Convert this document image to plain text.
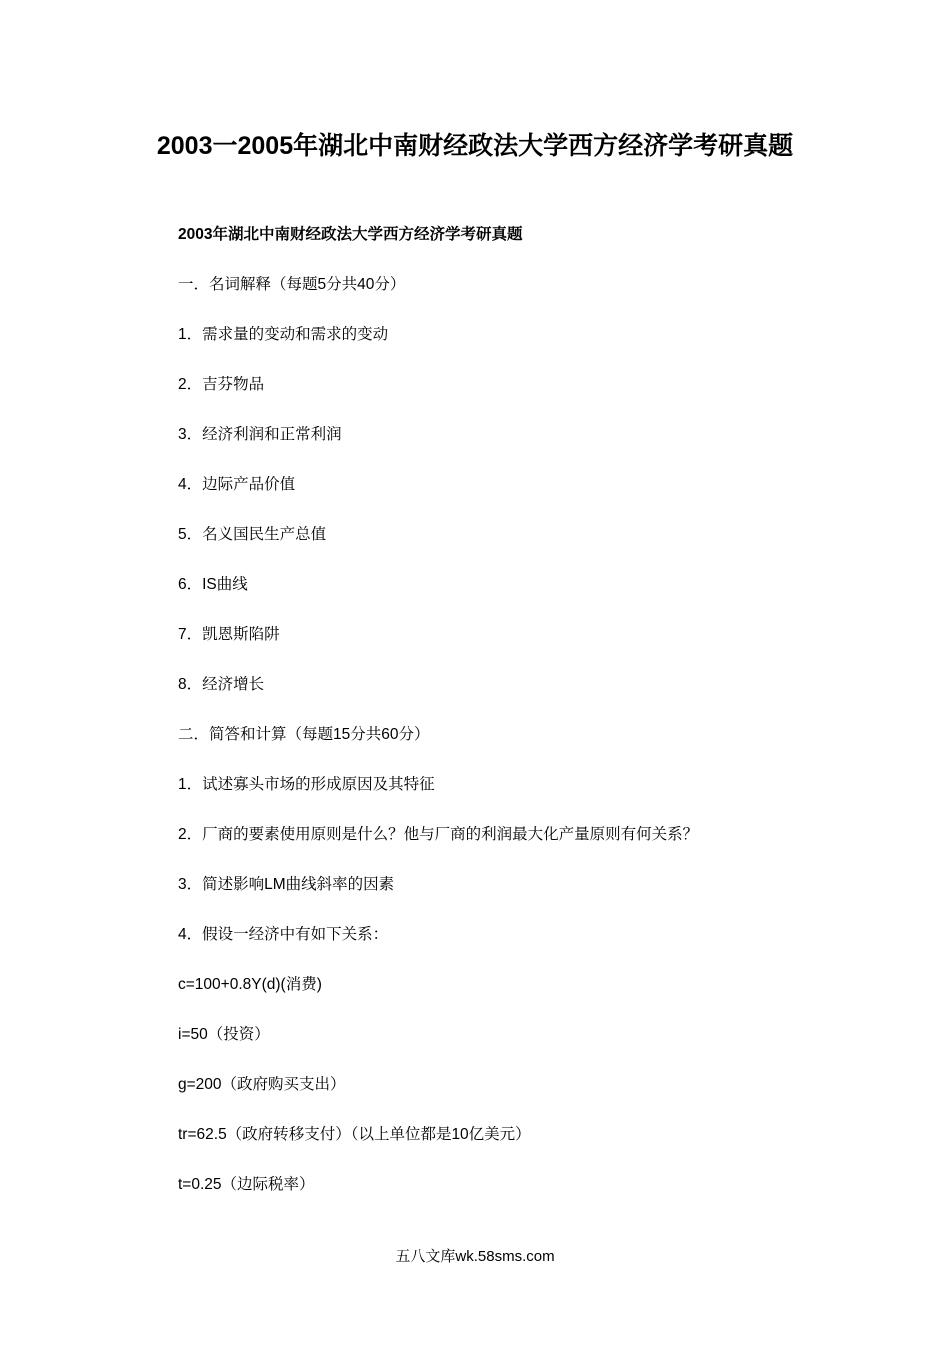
2003一2005年湖北中南财经政法大学西方经济学考研真题
2003年湖北中南财经政法大学西方经济学考研真题
一．名词解释（每题5分共40分）
1．需求量的变动和需求的变动
2．吉芬物品
3．经济利润和正常利润
4．边际产品价值
5．名义国民生产总值
6．IS曲线
7．凯恩斯陷阱
8．经济增长
二．简答和计算（每题15分共60分）
1．试述寡头市场的形成原因及其特征
2．厂商的要素使用原则是什么？他与厂商的利润最大化产量原则有何关系？
3．简述影响LM曲线斜率的因素
4．假设一经济中有如下关系：
c=100+0.8Y(d)(消费)
i=50（投资）
g=200（政府购买支出）
tr=62.5（政府转移支付）（以上单位都是10亿美元）
t=0.25（边际税率）
五八文库wk.58sms.com
